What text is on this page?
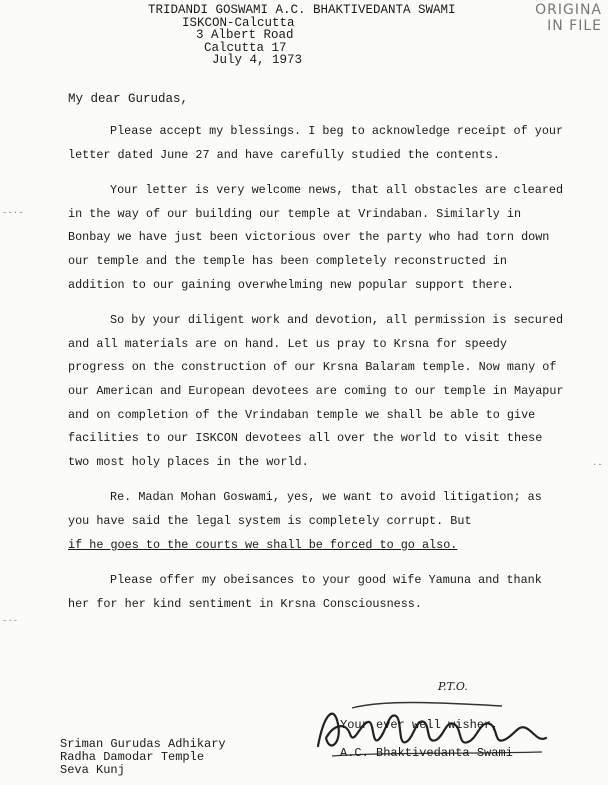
ORIGINA
IN FILE
TRIDANDI GOSWAMI A.C. BHAKTIVEDANTA SWAMI
ISKCON-Calcutta
3 Albert Road
Calcutta 17
July 4, 1973
My dear Gurudas,

Please accept my blessings. I beg to acknowledge receipt of your letter dated June 27 and have carefully studied the contents.

Your letter is very welcome news, that all obstacles are cleared in the way of our building our temple at Vrindaban. Similarly in Bonbay we have just been victorious over the party who had torn down our temple and the temple has been completely reconstructed in addition to our gaining overwhelming new popular support there.

So by your diligent work and devotion, all permission is secured and all materials are on hand. Let us pray to Krsna for speedy progress on the construction of our Krsna Balaram temple. Now many of our American and European devotees are coming to our temple in Mayapur and on completion of the Vrindaban temple we shall be able to give facilities to our ISKCON devotees all over the world to visit these two most holy places in the world.

Re. Madan Mohan Goswami, yes, we want to avoid litigation; as you have said the legal system is completely corrupt. But
if he goes to the courts we shall be forced to go also.

Please offer my obeisances to your good wife Yamuna and thank her for her kind sentiment in Krsna Consciousness.

P.T.O.
Your ever well wisher,
A.C. Bhaktivedanta Swami
Sriman Gurudas Adhikary
Radha Damodar Temple
Seva Kunj
‐‐·‐
‐·‐
·‐
